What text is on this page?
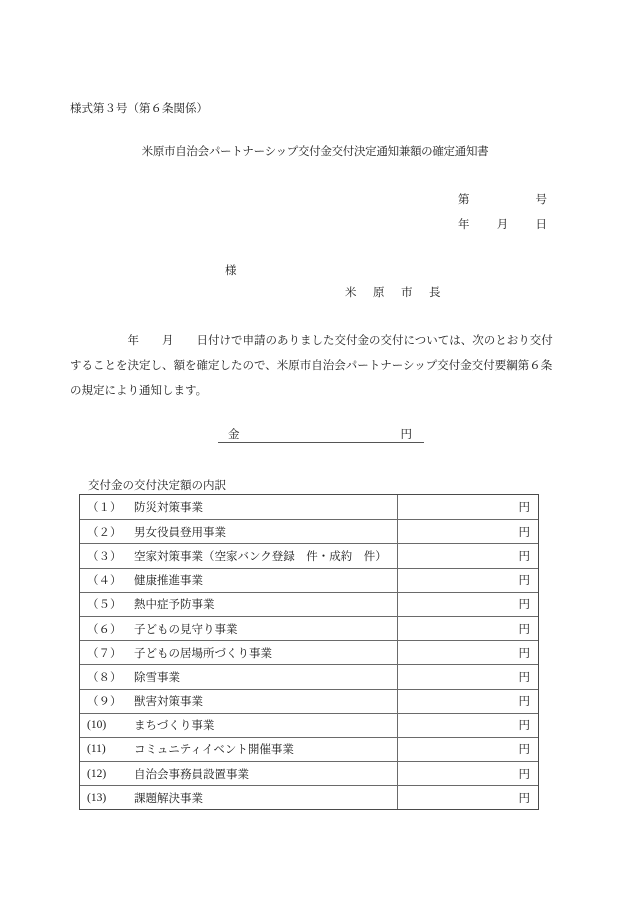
様式第３号（第６条関係）
米原市自治会パートナーシップ交付金交付決定通知兼額の確定通知書
第	号
年 月 日
様
米　原　市　長
　　　　　年　　月　　日付けで申請のありました交付金の交付については、次のとおり交付
することを決定し、額を確定したので、米原市自治会パートナーシップ交付金交付要綱第６条
の規定により通知します。
金	円
交付金の交付決定額の内訳
（１）	防災対策事業	円
（２）	男女役員登用事業	円
（３）	空家対策事業（空家バンク登録　件・成約　件）	円
（４）	健康推進事業	円
（５）	熱中症予防事業	円
（６）	子どもの見守り事業	円
（７）	子どもの居場所づくり事業	円
（８）	除雪事業	円
（９）	獣害対策事業	円
(10)	まちづくり事業	円
(11)	コミュニティイベント開催事業	円
(12)	自治会事務員設置事業	円
(13)	課題解決事業	円
